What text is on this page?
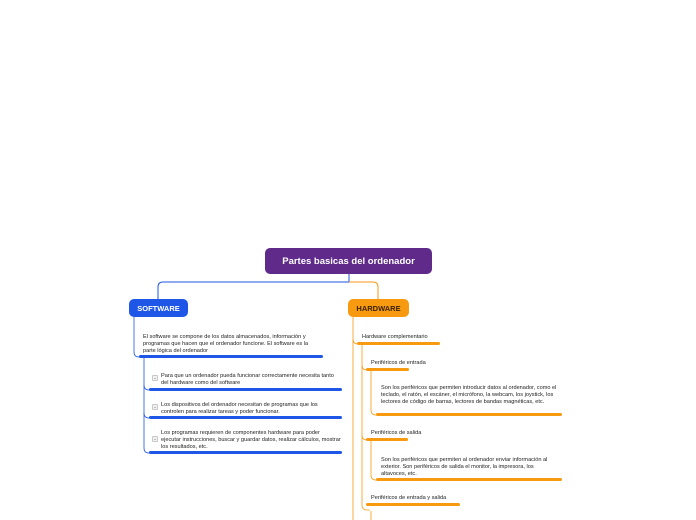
Partes basicas del ordenador
SOFTWARE	HARDWARE
El software se compone de los datos almacenados, información y programas que hacen que el ordenador funcione. El software es la parte lógica del ordenador
Para que un ordenador pueda funcionar correctamente necesita tanto del hardware como del software
Los dispositivos del ordenador necesitan de programas que los controlen para realizar tareas y poder funcionar.
Los programas requieren de componentes hardware para poder ejecutar instrucciones, buscar y guardar datos, realizar cálculos, mostrar los resultados, etc.
Hardware complementario
Periféricos de entrada
Son los periféricos que permiten introducir datos al ordenador, como el teclado, el ratón, el escáner, el micrófono, la webcam, los joystick, los lectores de código de barras, lectores de bandas magnéticas, etc.
Periféricos de salida
Son los periféricos que permiten al ordenador enviar información al exterior. Son periféricos de salida el monitor, la impresora, los altavoces, etc.
Periféricos de entrada y salida
